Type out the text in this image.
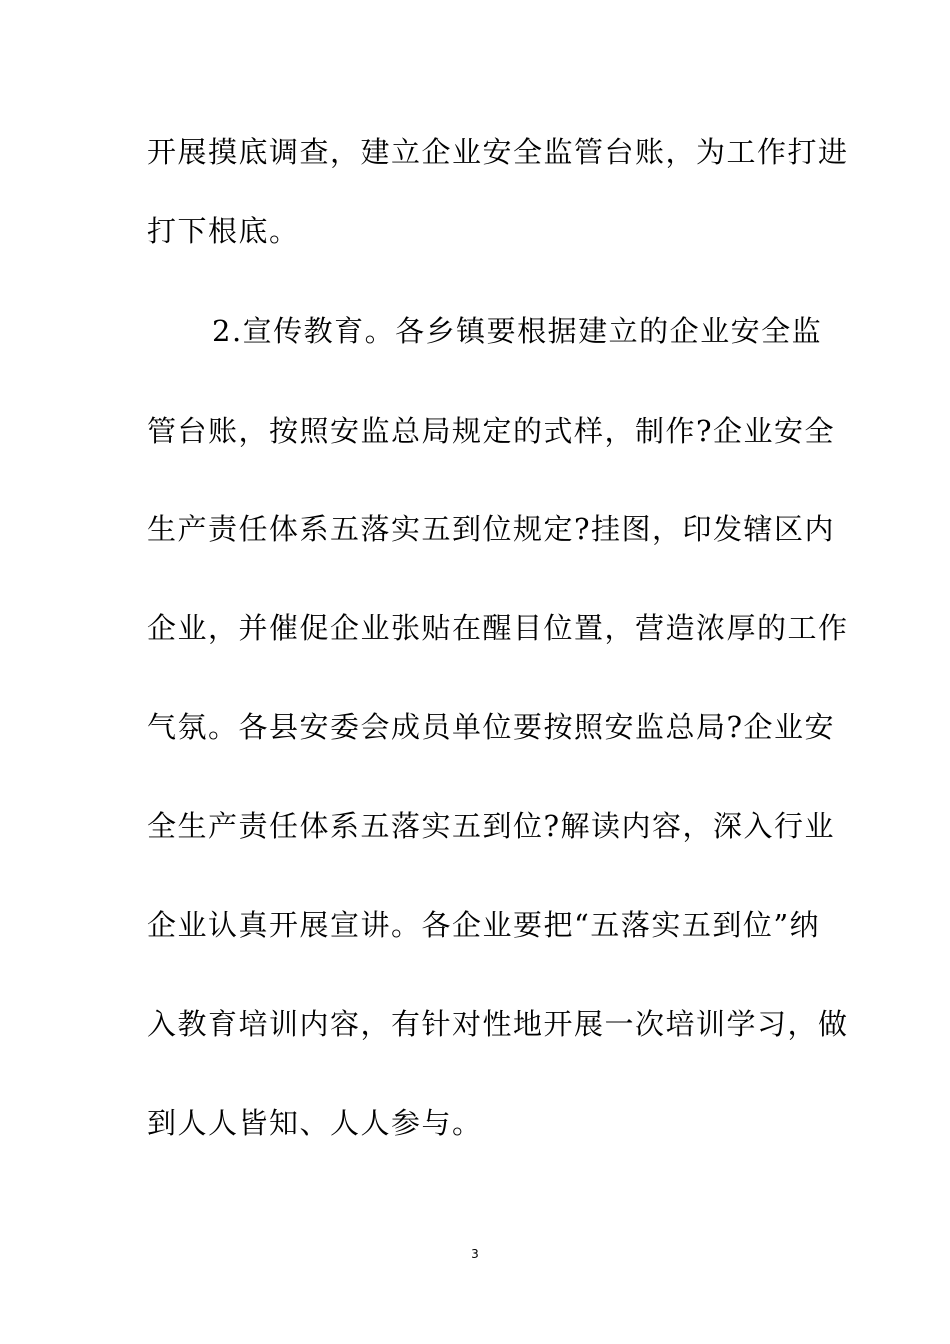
开展摸底调查，建立企业安全监管台账，为工作打进
打下根底。
2.宣传教育。各乡镇要根据建立的企业安全监
管台账，按照安监总局规定的式样，制作?企业安全
生产责任体系五落实五到位规定?挂图，印发辖区内
企业，并催促企业张贴在醒目位置，营造浓厚的工作
气氛。各县安委会成员单位要按照安监总局?企业安
全生产责任体系五落实五到位?解读内容，深入行业
企业认真开展宣讲。各企业要把“五落实五到位”纳
入教育培训内容，有针对性地开展一次培训学习，做
到人人皆知、人人参与。
3
